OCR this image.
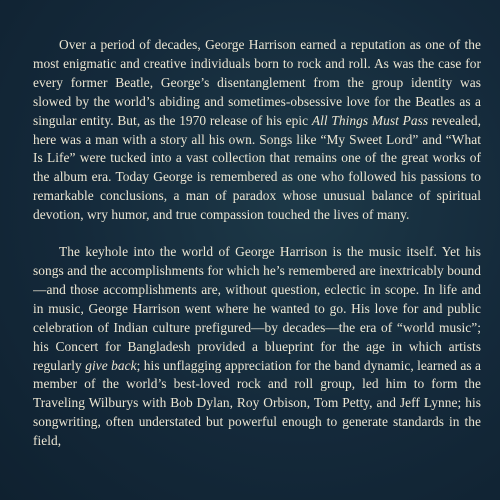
Over a period of decades, George Harrison earned a reputation as one of the most enigmatic and creative individuals born to rock and roll. As was the case for every former Beatle, George’s disentanglement from the group identity was slowed by the world’s abiding and sometimes-obsessive love for the Beatles as a singular entity. But, as the 1970 release of his epic All Things Must Pass revealed, here was a man with a story all his own. Songs like “My Sweet Lord” and “What Is Life” were tucked into a vast collection that remains one of the great works of the album era. Today George is remembered as one who followed his passions to remarkable conclusions, a man of paradox whose unusual balance of spiritual devotion, wry humor, and true compassion touched the lives of many.

The keyhole into the world of George Harrison is the music itself. Yet his songs and the accomplishments for which he’s remembered are inextricably bound—and those accomplishments are, without question, eclectic in scope. In life and in music, George Harrison went where he wanted to go. His love for and public celebration of Indian culture prefigured—by decades—the era of “world music”; his Concert for Bangladesh provided a blueprint for the age in which artists regularly give back; his unflagging appreciation for the band dynamic, learned as a member of the world’s best-loved rock and roll group, led him to form the Traveling Wilburys with Bob Dylan, Roy Orbison, Tom Petty, and Jeff Lynne; his songwriting, often understated but powerful enough to generate standards in the field,
